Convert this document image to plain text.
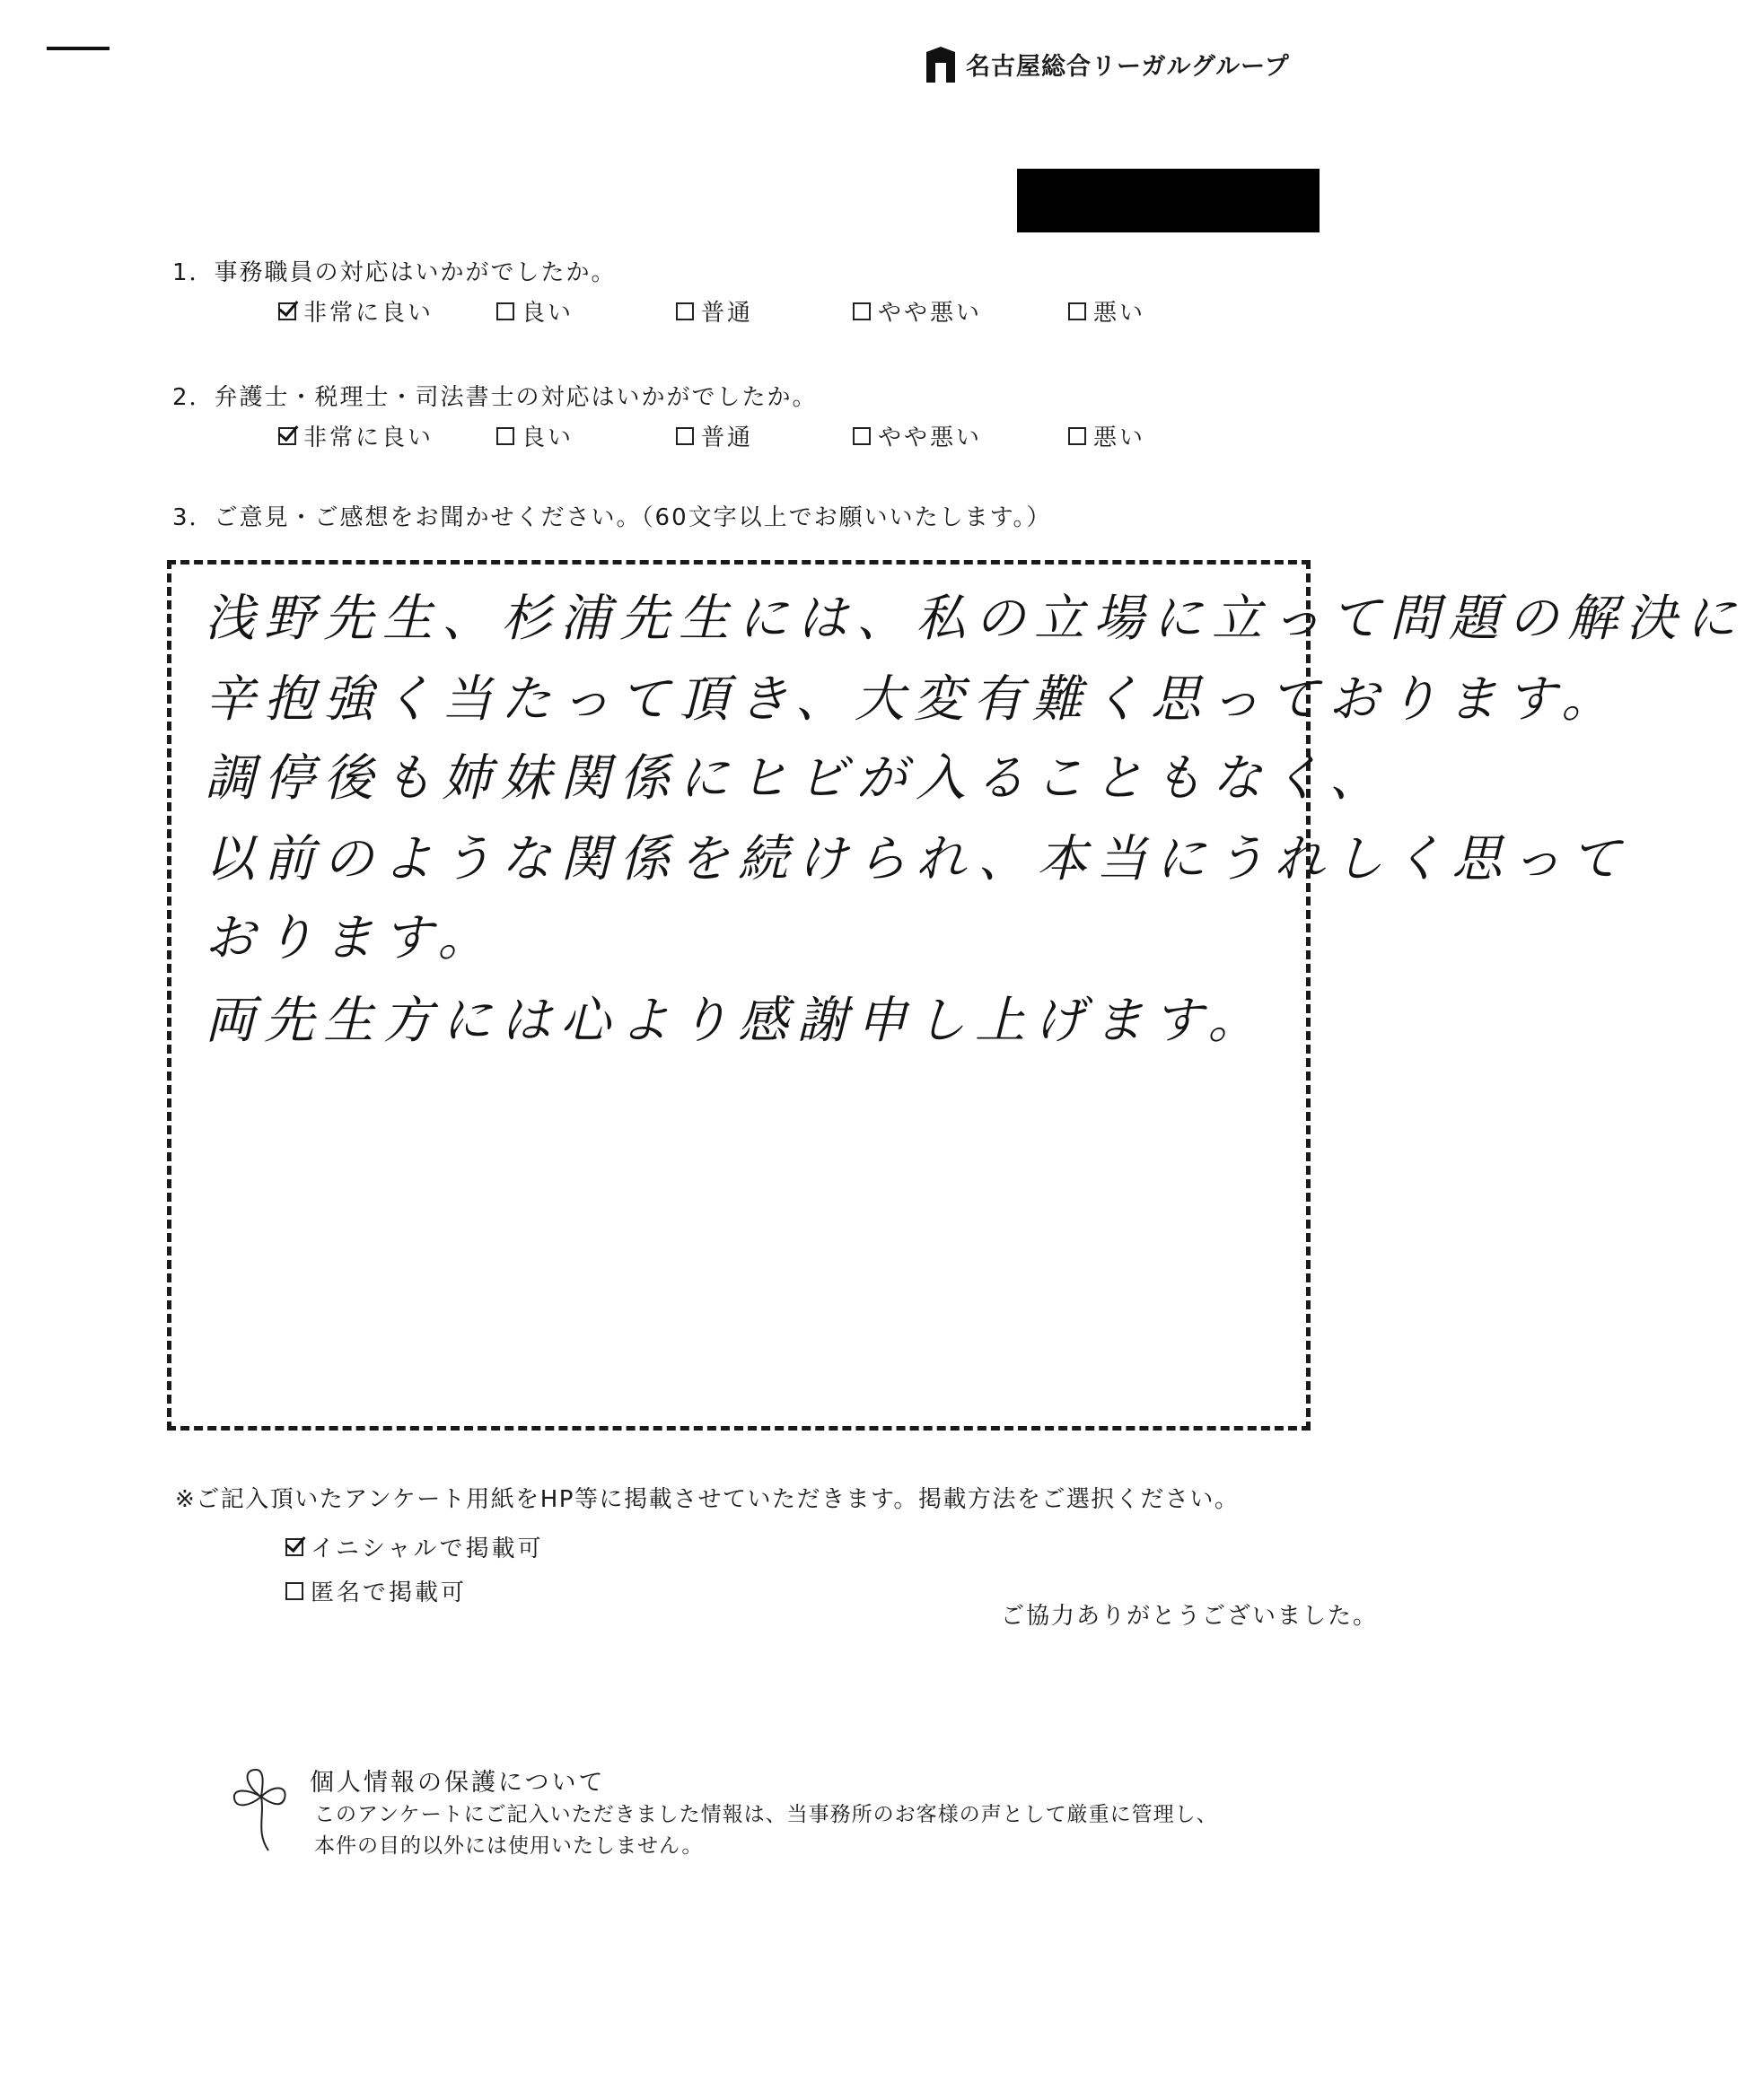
名古屋総合リーガルグループ
1．事務職員の対応はいかがでしたか。
非常に良い	良い	普通	やや悪い	悪い
2．弁護士・税理士・司法書士の対応はいかがでしたか。
非常に良い	良い	普通	やや悪い	悪い
3．ご意見・ご感想をお聞かせください。（60文字以上でお願いいたします。）
浅野先生、杉浦先生には、私の立場に立って問題の解決に
辛抱強く当たって頂き、大変有難く思っております。
調停後も姉妹関係にヒビが入ることもなく、
以前のような関係を続けられ、本当にうれしく思って
おります。
両先生方には心より感謝申し上げます。
※ご記入頂いたアンケート用紙をHP等に掲載させていただきます。掲載方法をご選択ください。
イニシャルで掲載可
匿名で掲載可
ご協力ありがとうございました。
個人情報の保護について
このアンケートにご記入いただきました情報は、当事務所のお客様の声として厳重に管理し、
本件の目的以外には使用いたしません。
